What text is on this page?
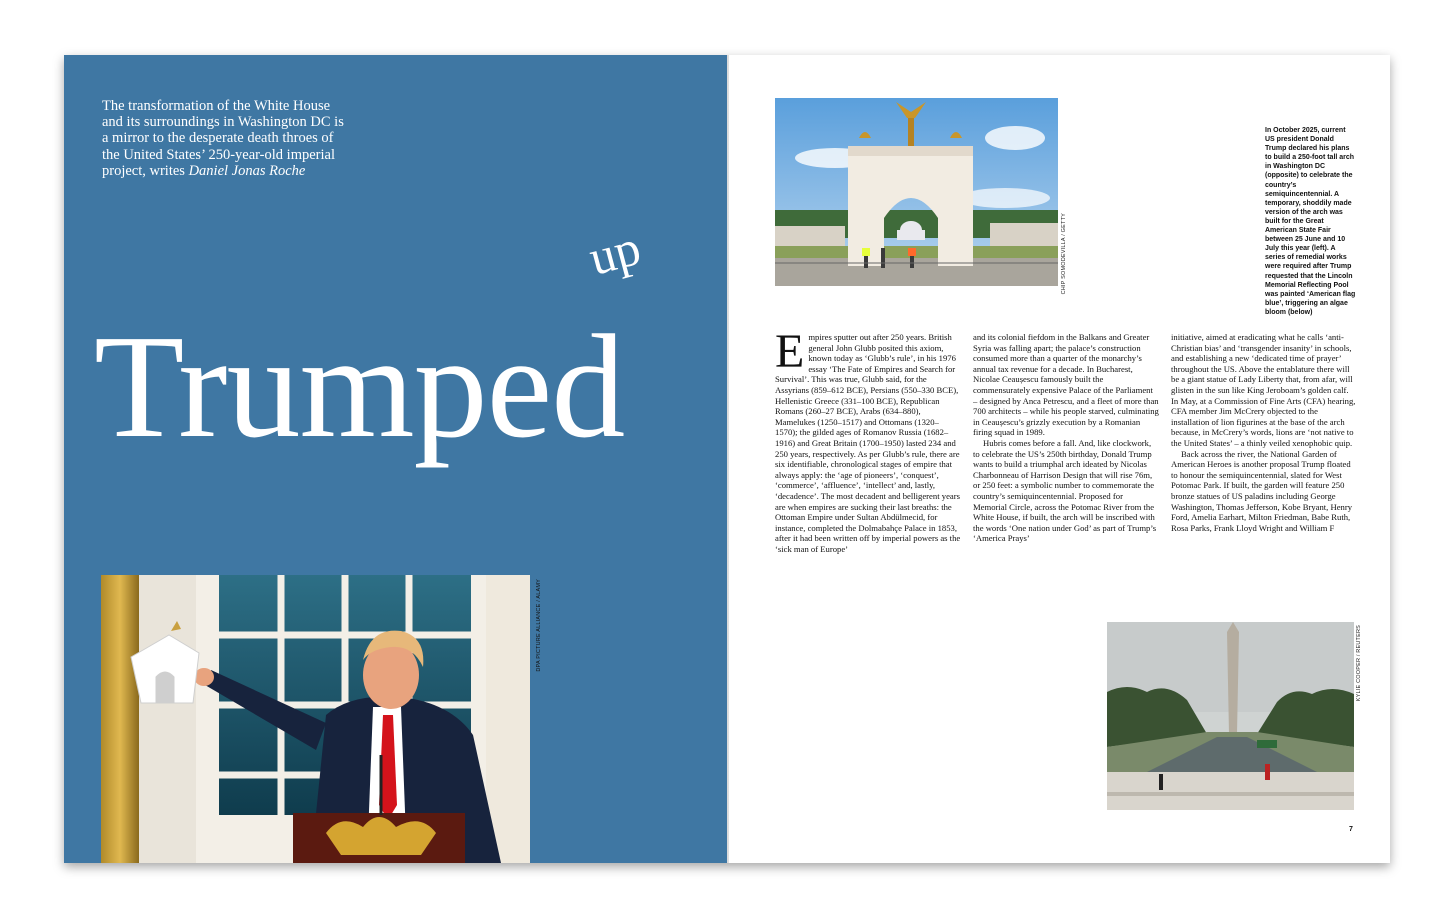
The transformation of the White House and its surroundings in Washington DC is a mirror to the desperate death throes of the United States’ 250-year-old imperial project, writes Daniel Jonas Roche

up
Trumped
DPA PICTURE ALLIANCE / ALAMY
CHIP SOMODEVILLA / GETTY

In October 2025, current US president Donald Trump declared his plans to build a 250-foot tall arch in Washington DC (opposite) to celebrate the country’s semiquincentennial. A temporary, shoddily made version of the arch was built for the Great American State Fair between 25 June and 10 July this year (left). A series of remedial works were required after Trump requested that the Lincoln Memorial Reflecting Pool was painted ‘American flag blue’, triggering an algae bloom (below)

E mpires sputter out after 250 years. British general John Glubb posited this axiom, known today as ‘Glubb’s rule’, in his 1976 essay ‘The Fate of Empires and Search for Survival’. This was true, Glubb said, for the Assyrians (859–612 BCE), Persians (550–330 BCE), Hellenistic Greece (331–100 BCE), Republican Romans (260–27 BCE), Arabs (634–880), Mamelukes (1250–1517) and Ottomans (1320–1570); the gilded ages of Romanov Russia (1682–1916) and Great Britain (1700–1950) lasted 234 and 250 years, respectively. As per Glubb’s rule, there are six identifiable, chronological stages of empire that always apply: the ‘age of pioneers’, ‘conquest’, ‘commerce’, ‘affluence’, ‘intellect’ and, lastly, ‘decadence’. The most decadent and belligerent years are when empires are sucking their last breaths: the Ottoman Empire under Sultan Abdülmecid, for instance, completed the Dolmabahçe Palace in 1853, after it had been written off by imperial powers as the ‘sick man of Europe’

and its colonial fiefdom in the Balkans and Greater Syria was falling apart; the palace’s construction consumed more than a quarter of the monarchy’s annual tax revenue for a decade. In Bucharest, Nicolae Ceaușescu famously built the commensurately expensive Palace of the Parliament – designed by Anca Petrescu, and a fleet of more than 700 architects – while his people starved, culminating in Ceaușescu’s grizzly execution by a Romanian firing squad in 1989.

Hubris comes before a fall. And, like clockwork, to celebrate the US’s 250th birthday, Donald Trump wants to build a triumphal arch ideated by Nicolas Charbonneau of Harrison Design that will rise 76m, or 250 feet: a symbolic number to commemorate the country’s semiquincentennial. Proposed for Memorial Circle, across the Potomac River from the White House, if built, the arch will be inscribed with the words ‘One nation under God’ as part of Trump’s ‘America Prays’

initiative, aimed at eradicating what he calls ‘anti-Christian bias’ and ‘transgender insanity’ in schools, and establishing a new ‘dedicated time of prayer’ throughout the US. Above the entablature there will be a giant statue of Lady Liberty that, from afar, will glisten in the sun like King Jeroboam’s golden calf. In May, at a Commission of Fine Arts (CFA) hearing, CFA member Jim McCrery objected to the installation of lion figurines at the base of the arch because, in McCrery’s words, lions are ‘not native to the United States’ – a thinly veiled xenophobic quip.

Back across the river, the National Garden of American Heroes is another proposal Trump floated to honour the semiquincentennial, slated for West Potomac Park. If built, the garden will feature 250 bronze statues of US paladins including George Washington, Thomas Jefferson, Kobe Bryant, Henry Ford, Amelia Earhart, Milton Friedman, Babe Ruth, Rosa Parks, Frank Lloyd Wright and William F

KYLIE COOPER / REUTERS
7
